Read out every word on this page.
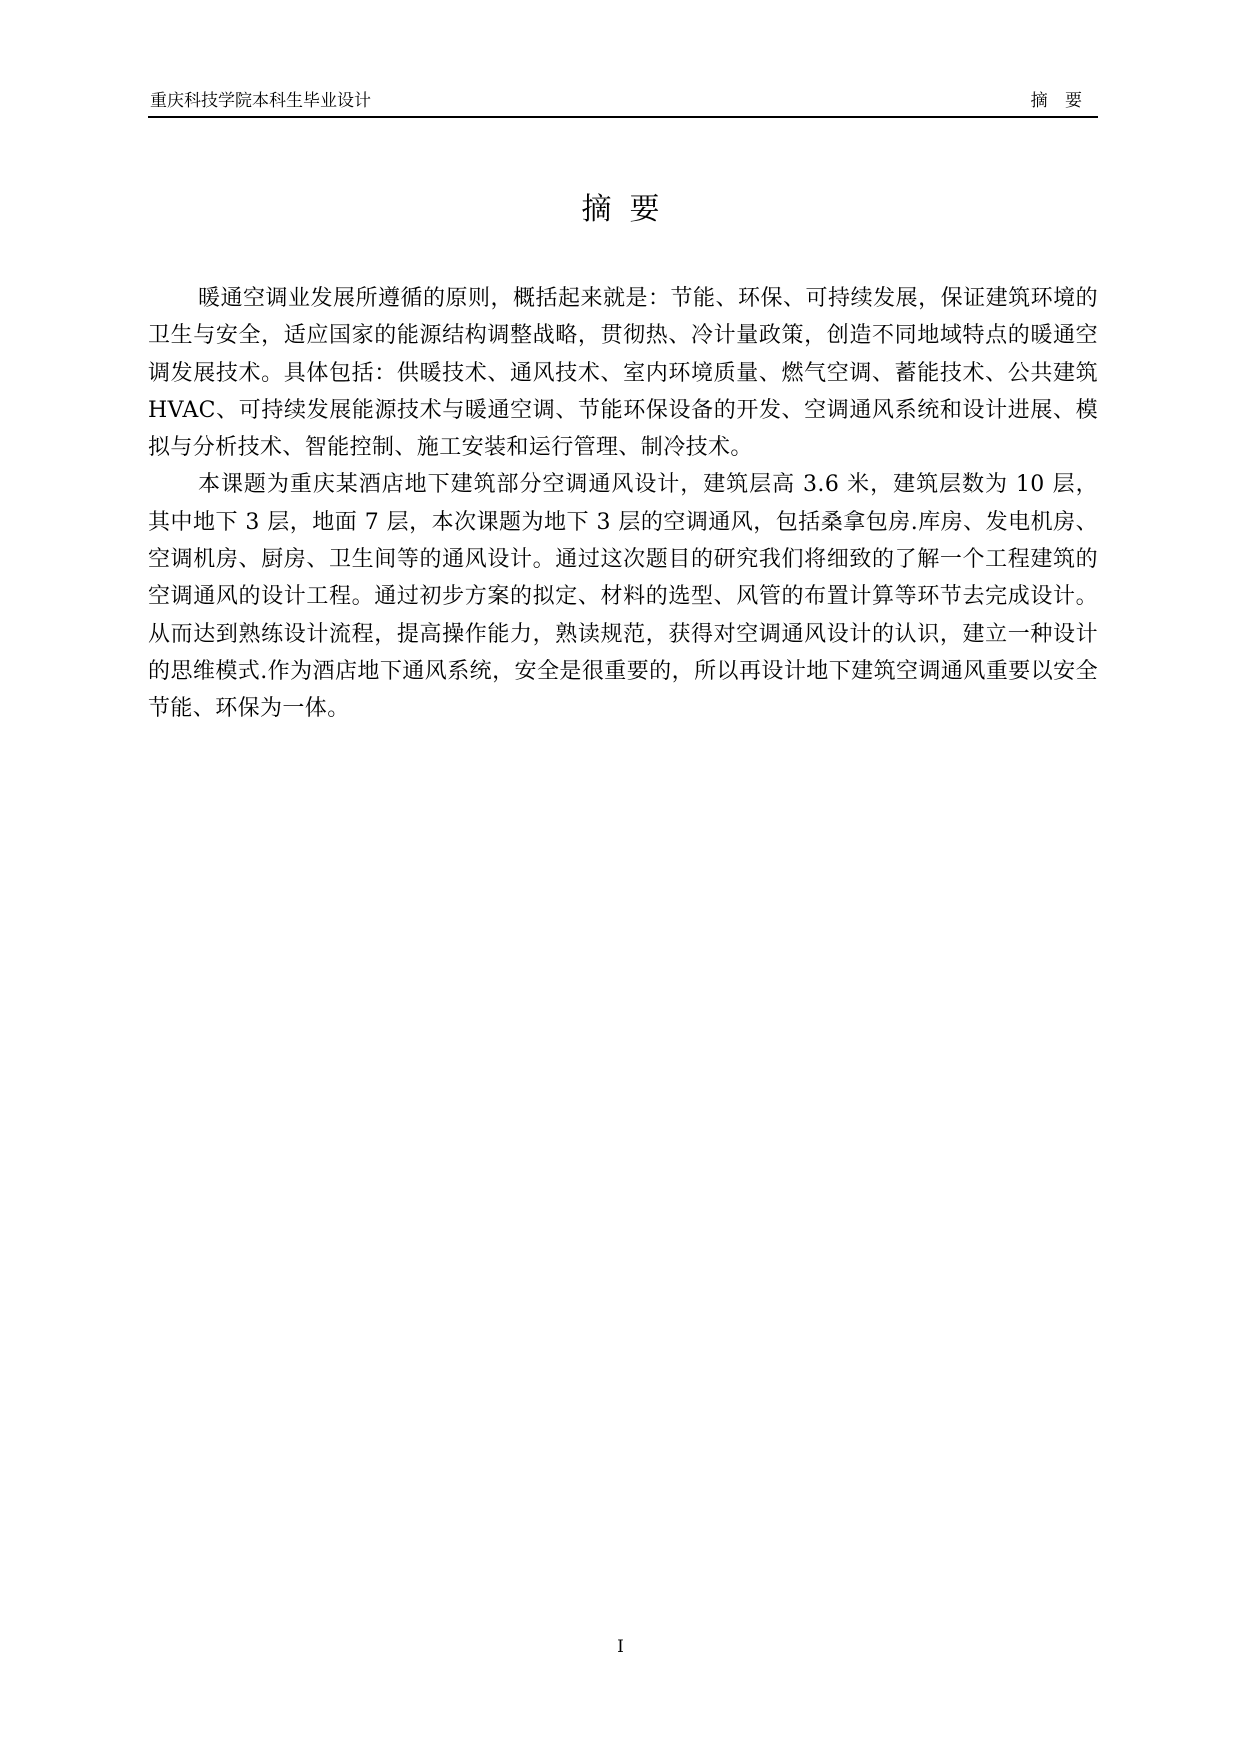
重庆科技学院本科生毕业设计	摘 要
摘 要

暖通空调业发展所遵循的原则，概括起来就是：节能、环保、可持续发展，保证建筑环境的卫生与安全，适应国家的能源结构调整战略，贯彻热、冷计量政策，创造不同地域特点的暖通空调发展技术。具体包括：供暖技术、通风技术、室内环境质量、燃气空调、蓄能技术、公共建筑 HVAC、可持续发展能源技术与暖通空调、节能环保设备的开发、空调通风系统和设计进展、模拟与分析技术、智能控制、施工安装和运行管理、制冷技术。

本课题为重庆某酒店地下建筑部分空调通风设计，建筑层高 3.6 米，建筑层数为 10 层，其中地下 3 层，地面 7 层，本次课题为地下 3 层的空调通风，包括桑拿包房.库房、发电机房、空调机房、厨房、卫生间等的通风设计。通过这次题目的研究我们将细致的了解一个工程建筑的空调通风的设计工程。通过初步方案的拟定、材料的选型、风管的布置计算等环节去完成设计。从而达到熟练设计流程，提高操作能力，熟读规范，获得对空调通风设计的认识，建立一种设计的思维模式.作为酒店地下通风系统，安全是很重要的，所以再设计地下建筑空调通风重要以安全节能、环保为一体。

I
